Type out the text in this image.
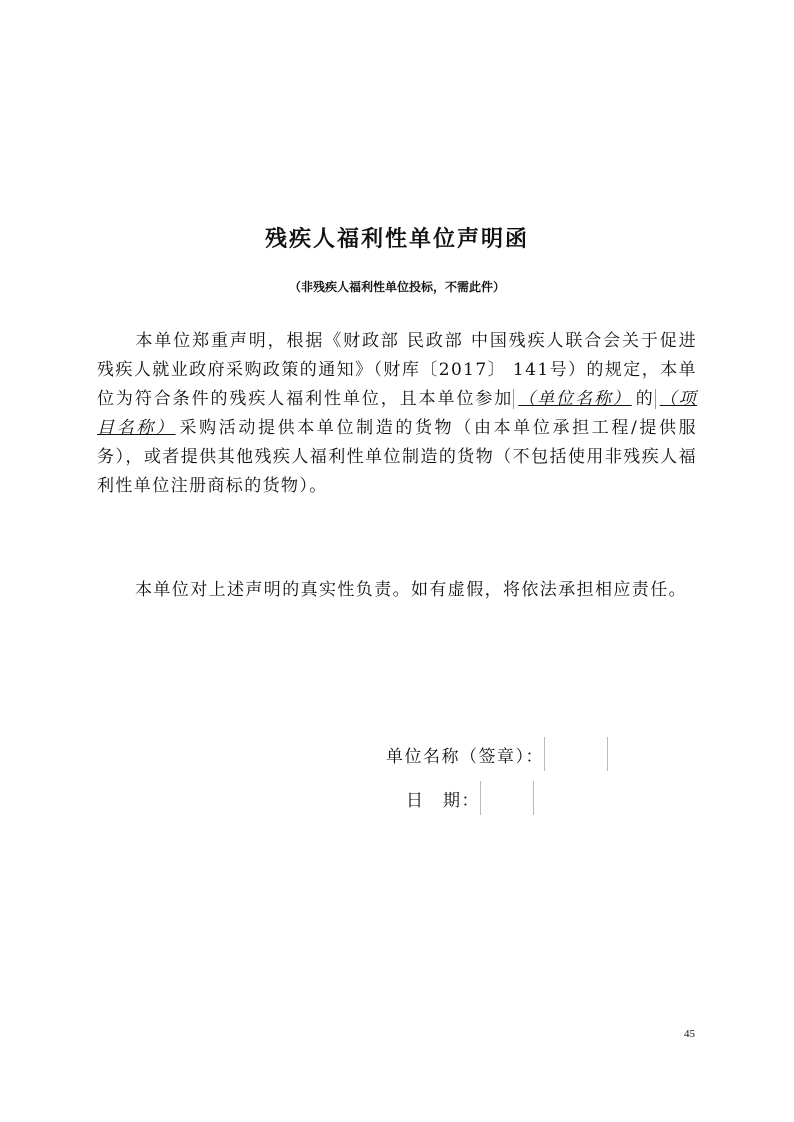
残疾人福利性单位声明函
（非残疾人福利性单位投标，不需此件）
本单位郑重声明，根据《财政部 民政部 中国残疾人联合会关于促进残疾人就业政府采购政策的通知》（财库〔2017〕 141号）的规定，本单位为符合条件的残疾人福利性单位，且本单位参加 （单位名称） 的 （项目名称） 采购活动提供本单位制造的货物（由本单位承担工程/提供服务），或者提供其他残疾人福利性单位制造的货物（不包括使用非残疾人福利性单位注册商标的货物）。
本单位对上述声明的真实性负责。如有虚假，将依法承担相应责任。
单位名称（签章）：
日　期：
45
